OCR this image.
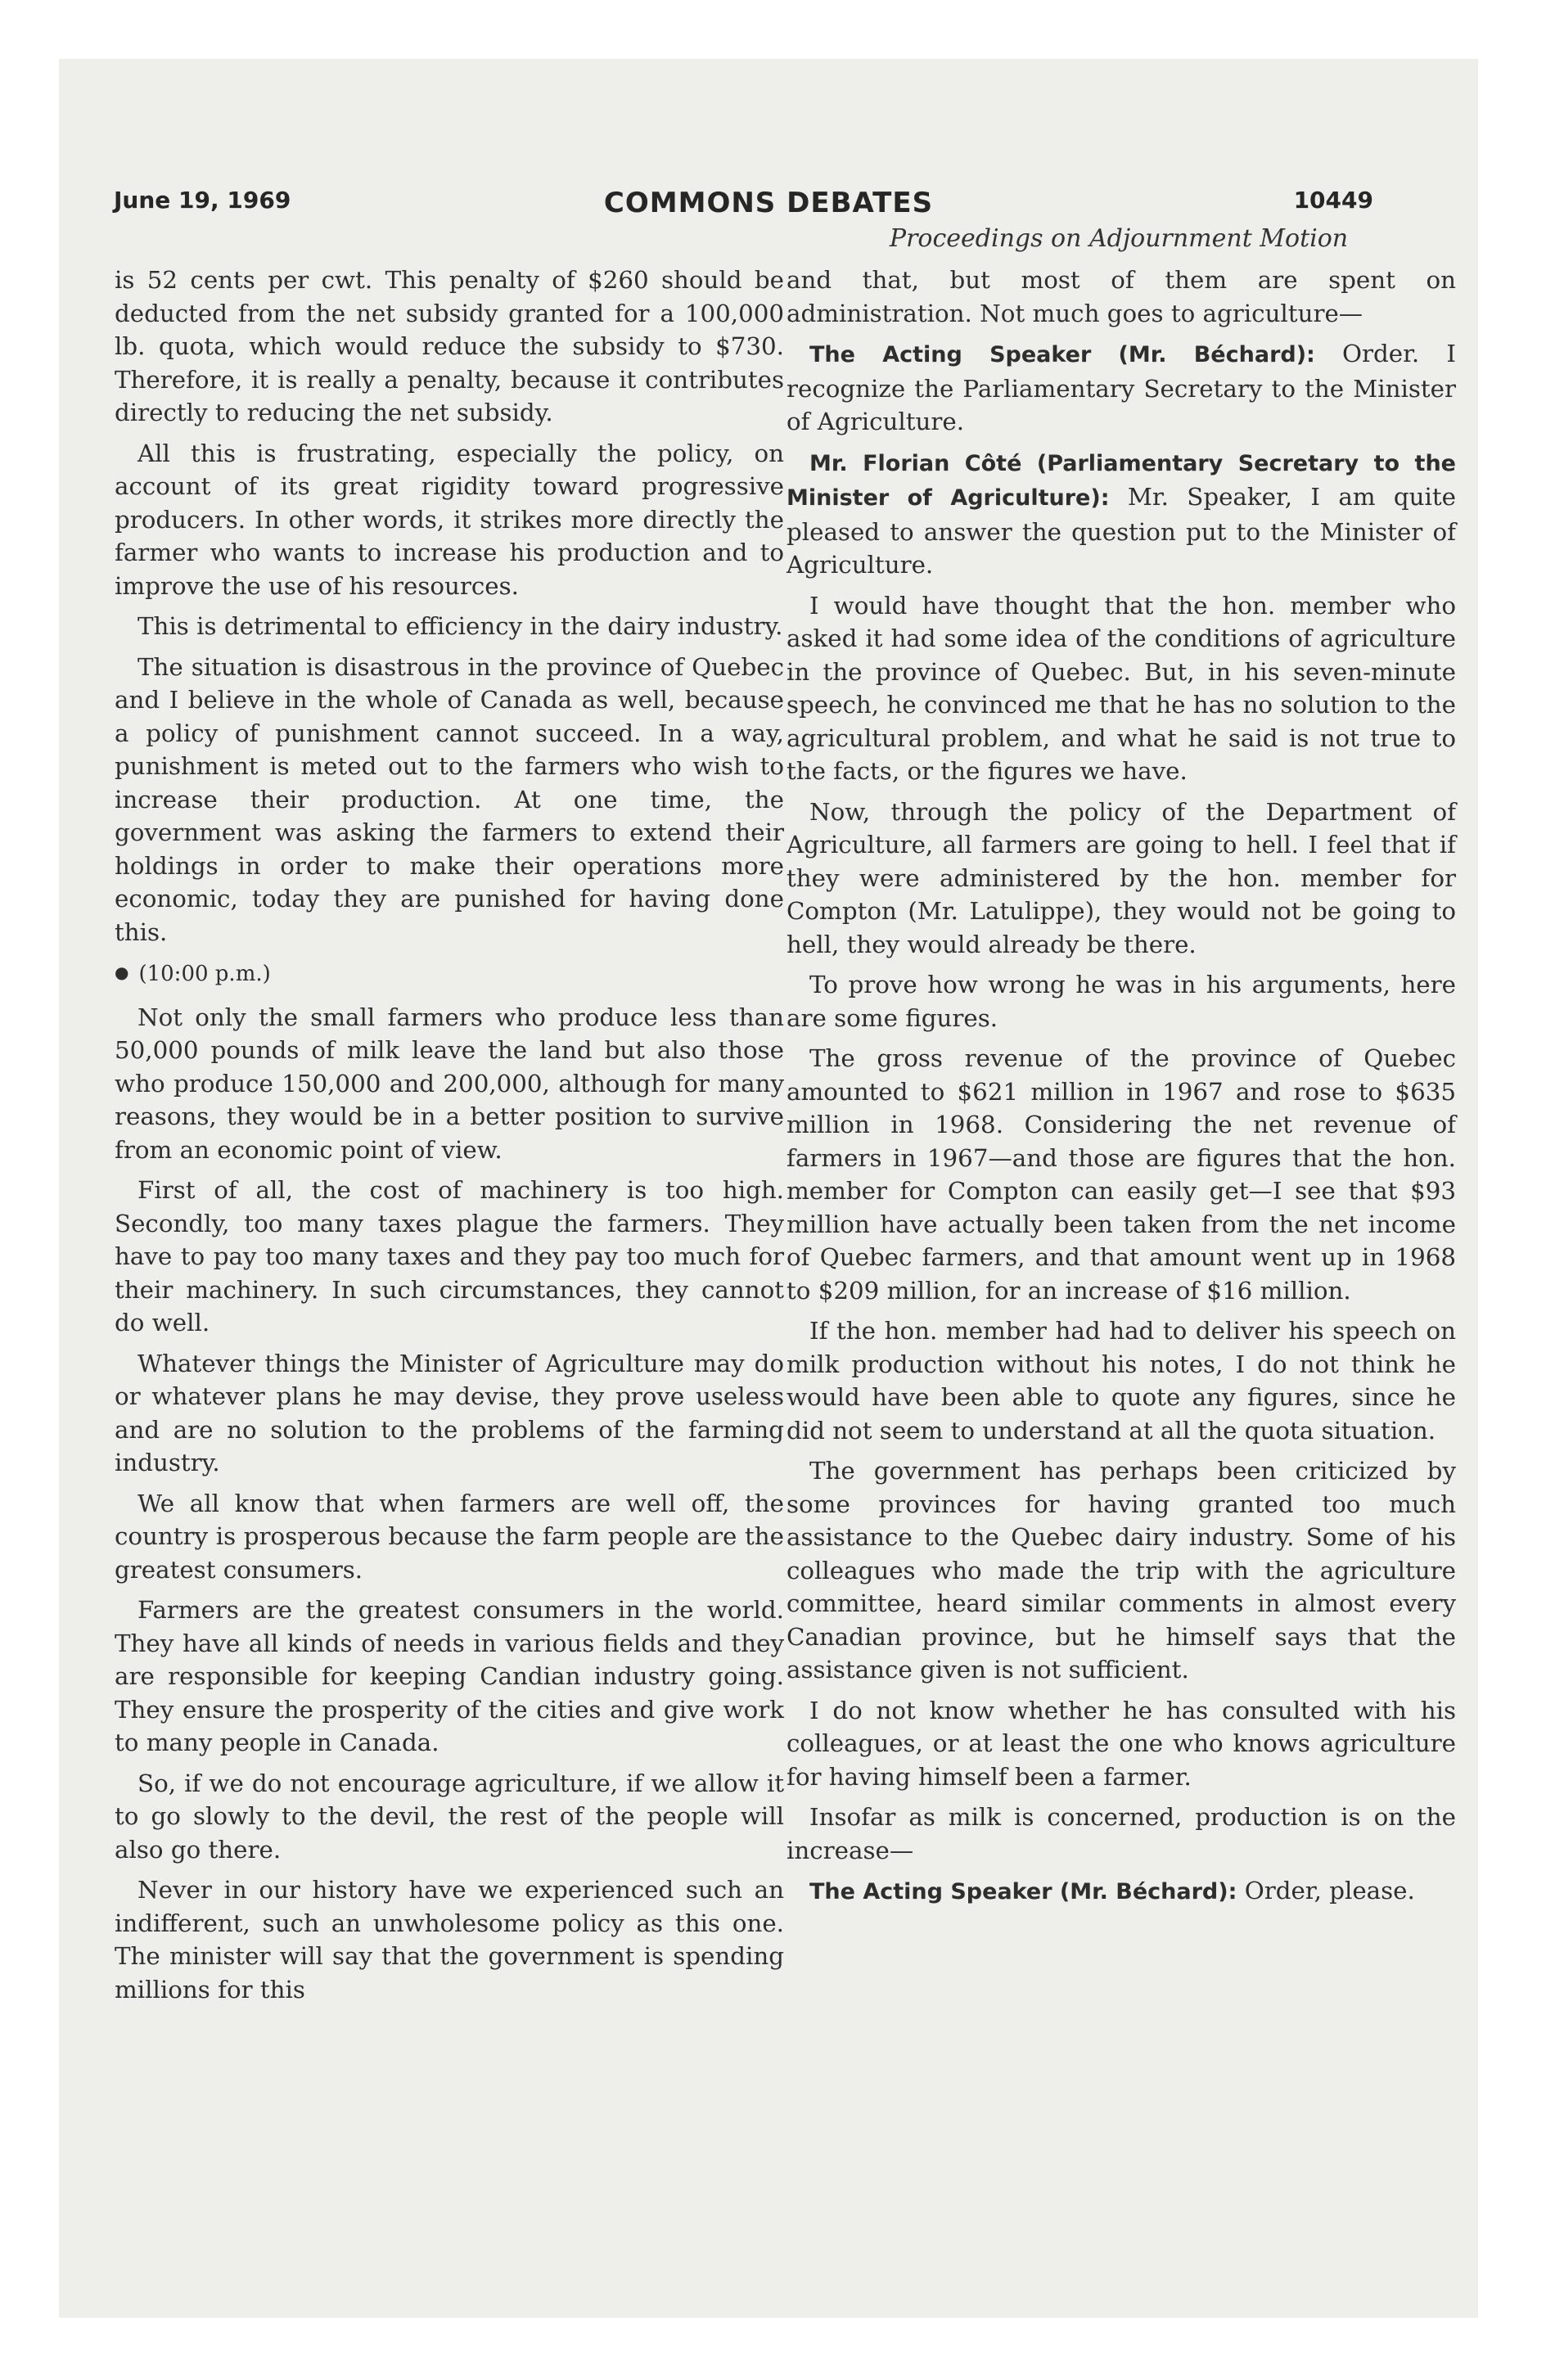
June 19, 1969	COMMONS DEBATES	10449
Proceedings on Adjournment Motion

is 52 cents per cwt. This penalty of $260 should be deducted from the net subsidy granted for a 100,000 lb. quota, which would reduce the subsidy to $730. Therefore, it is really a penalty, because it contributes directly to reducing the net subsidy.

All this is frustrating, especially the policy, on account of its great rigidity toward progressive producers. In other words, it strikes more directly the farmer who wants to increase his production and to improve the use of his resources.

This is detrimental to efficiency in the dairy industry.

The situation is disastrous in the province of Quebec and I believe in the whole of Canada as well, because a policy of punishment cannot succeed. In a way, punishment is meted out to the farmers who wish to increase their production. At one time, the government was asking the farmers to extend their holdings in order to make their operations more economic, today they are punished for having done this.

● (10:00 p.m.)

Not only the small farmers who produce less than 50,000 pounds of milk leave the land but also those who produce 150,000 and 200,000, although for many reasons, they would be in a better position to survive from an economic point of view.

First of all, the cost of machinery is too high. Secondly, too many taxes plague the farmers. They have to pay too many taxes and they pay too much for their machinery. In such circumstances, they cannot do well.

Whatever things the Minister of Agriculture may do or whatever plans he may devise, they prove useless and are no solution to the problems of the farming industry.

We all know that when farmers are well off, the country is prosperous because the farm people are the greatest consumers.

Farmers are the greatest consumers in the world. They have all kinds of needs in various fields and they are responsible for keeping Candian industry going. They ensure the prosperity of the cities and give work to many people in Canada.

So, if we do not encourage agriculture, if we allow it to go slowly to the devil, the rest of the people will also go there.

Never in our history have we experienced such an indifferent, such an unwholesome policy as this one. The minister will say that the government is spending millions for this

and that, but most of them are spent on administration. Not much goes to agriculture—

The Acting Speaker (Mr. Béchard): Order. I recognize the Parliamentary Secretary to the Minister of Agriculture.

Mr. Florian Côté (Parliamentary Secretary to the Minister of Agriculture): Mr. Speaker, I am quite pleased to answer the question put to the Minister of Agriculture.

I would have thought that the hon. member who asked it had some idea of the conditions of agriculture in the province of Quebec. But, in his seven-minute speech, he convinced me that he has no solution to the agricultural problem, and what he said is not true to the facts, or the figures we have.

Now, through the policy of the Department of Agriculture, all farmers are going to hell. I feel that if they were administered by the hon. member for Compton (Mr. Latulippe), they would not be going to hell, they would already be there.

To prove how wrong he was in his arguments, here are some figures.

The gross revenue of the province of Quebec amounted to $621 million in 1967 and rose to $635 million in 1968. Considering the net revenue of farmers in 1967—and those are figures that the hon. member for Compton can easily get—I see that $93 million have actually been taken from the net income of Quebec farmers, and that amount went up in 1968 to $209 million, for an increase of $16 million.

If the hon. member had had to deliver his speech on milk production without his notes, I do not think he would have been able to quote any figures, since he did not seem to understand at all the quota situation.

The government has perhaps been criticized by some provinces for having granted too much assistance to the Quebec dairy industry. Some of his colleagues who made the trip with the agriculture committee, heard similar comments in almost every Canadian province, but he himself says that the assistance given is not sufficient.

I do not know whether he has consulted with his colleagues, or at least the one who knows agriculture for having himself been a farmer.

Insofar as milk is concerned, production is on the increase—

The Acting Speaker (Mr. Béchard): Order, please.
